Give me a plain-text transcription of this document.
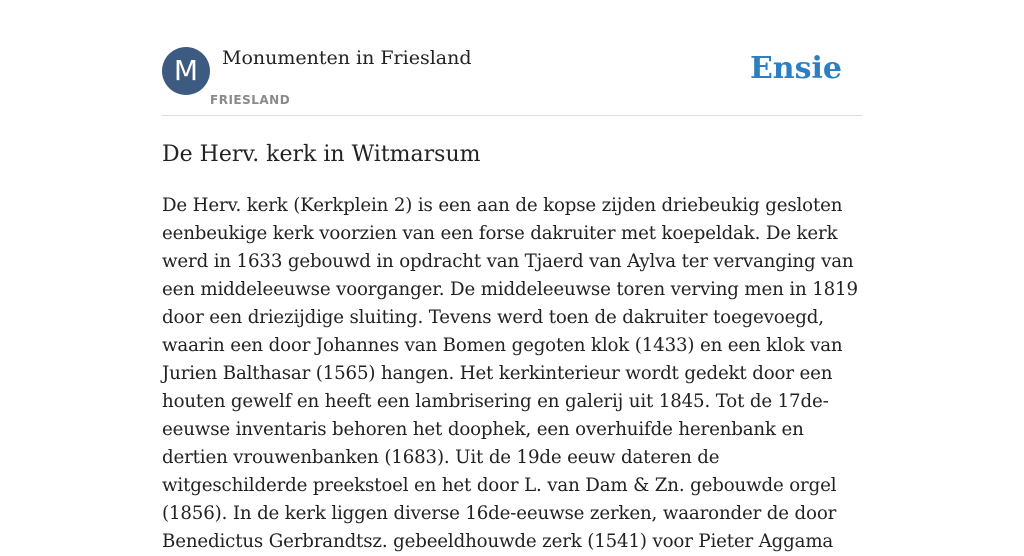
M	Monumenten in Friesland
FRIESLAND
Ensie
De Herv. kerk in Witmarsum

De Herv. kerk (Kerkplein 2) is een aan de kopse zijden driebeukig gesloten eenbeukige kerk voorzien van een forse dakruiter met koepeldak. De kerk werd in 1633 gebouwd in opdracht van Tjaerd van Aylva ter vervanging van een middeleeuwse voorganger. De middeleeuwse toren verving men in 1819 door een driezijdige sluiting. Tevens werd toen de dakruiter toegevoegd, waarin een door Johannes van Bomen gegoten klok (1433) en een klok van Jurien Balthasar (1565) hangen. Het kerkinterieur wordt gedekt door een houten gewelf en heeft een lambrisering en galerij uit 1845. Tot de 17de-eeuwse inventaris behoren het doophek, een overhuifde herenbank en dertien vrouwenbanken (1683). Uit de 19de eeuw dateren de witgeschilderde preekstoel en het door L. van Dam & Zn. gebouwde orgel (1856). In de kerk liggen diverse 16de-eeuwse zerken, waaronder de door Benedictus Gerbrandtsz. gebeeldhouwde zerk (1541) voor Pieter Aggama
